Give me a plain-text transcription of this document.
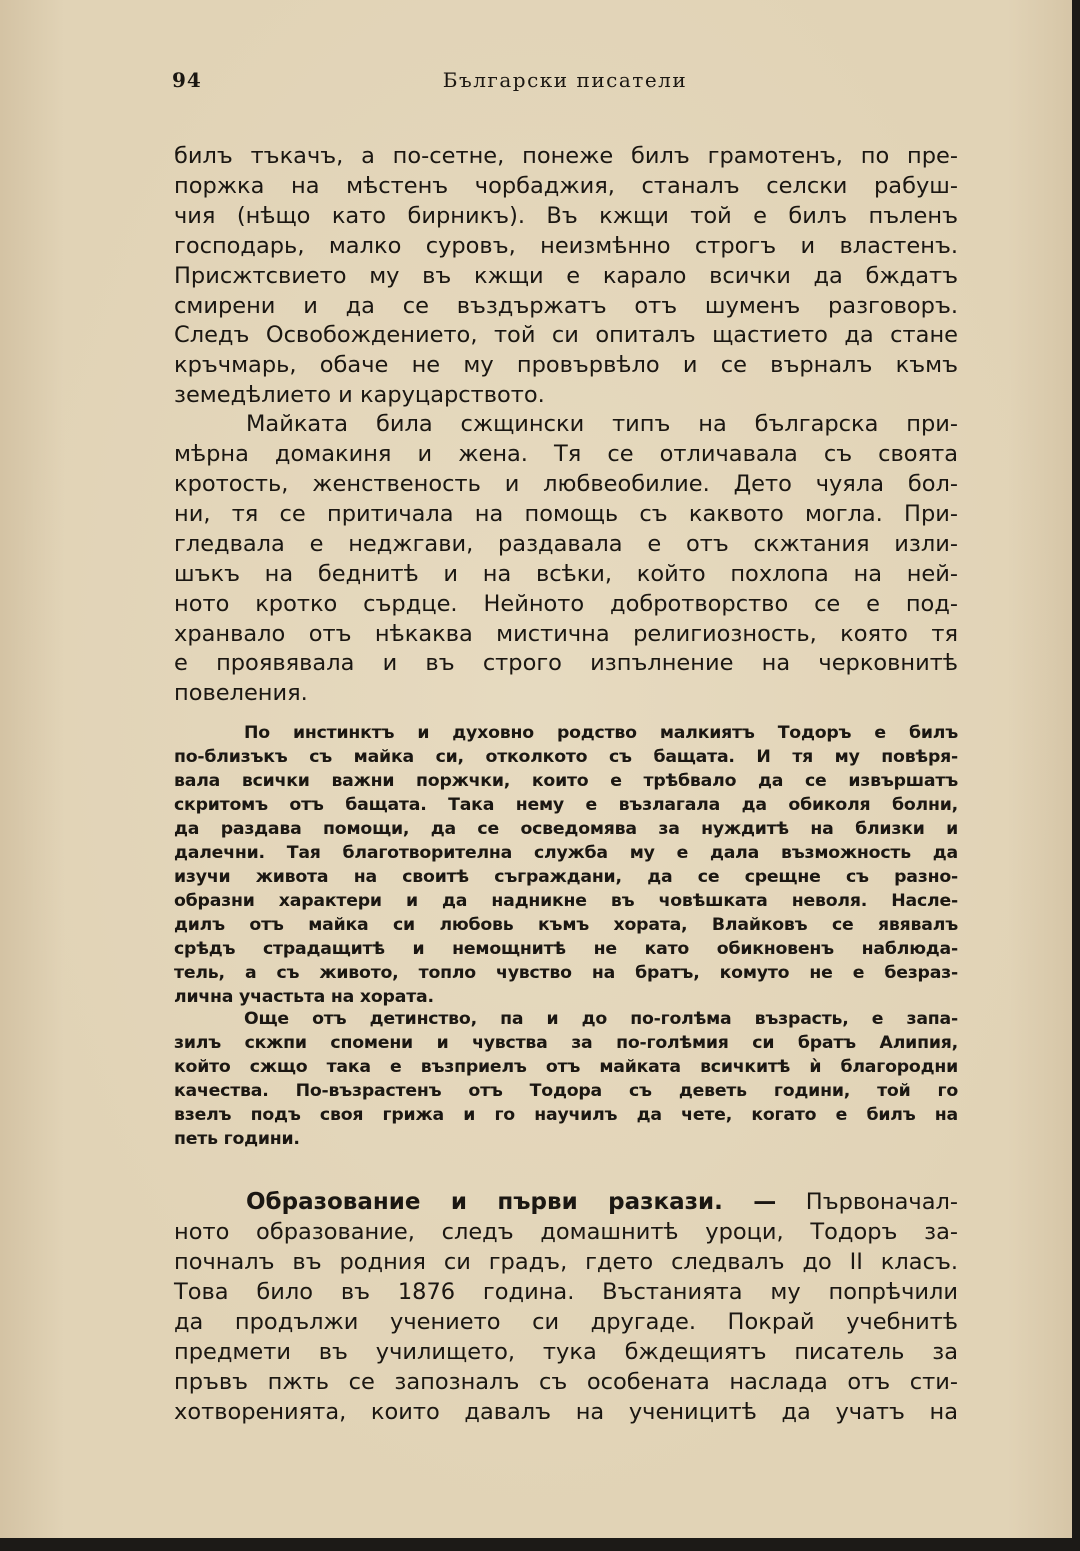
94	Български писатели
билъ тъкачъ, а по-сетне, понеже билъ грамотенъ, по пре-
поржка на мѣстенъ чорбаджия, станалъ селски рабуш-
чия (нѣщо като бирникъ). Въ кжщи той е билъ пъленъ
господарь, малко суровъ, неизмѣнно строгъ и властенъ.
Присжтсвието му въ кжщи е карало всички да бждатъ
смирени и да се въздържатъ отъ шуменъ разговоръ.
Следъ Освобождението, той си опиталъ щастието да стане
кръчмарь, обаче не му провървѣло и се върналъ къмъ
земедѣлието и каруцарството.
Майката била сжщински типъ на българска при-
мѣрна домакиня и жена. Тя се отличавала съ своята
кротость, женственость и любвеобилие. Дето чуяла бол-
ни, тя се притичала на помощь съ каквото могла. При-
гледвала е неджгави, раздавала е отъ скжтания изли-
шъкъ на беднитѣ и на всѣки, който похлопа на ней-
ното кротко сърдце. Нейното добротворство се е под-
хранвало отъ нѣкаква мистична религиозность, която тя
е проявявала и въ строго изпълнение на черковнитѣ
повеления.
По инстинктъ и духовно родство малкиятъ Тодоръ е билъ
по-близъкъ съ майка си, отколкото съ бащата. И тя му повѣря-
вала всички важни поржчки, които е трѣбвало да се извършатъ
скритомъ отъ бащата. Така нему е възлагала да обиколя болни,
да раздава помощи, да се осведомява за нуждитѣ на близки и
далечни. Тая благотворителна служба му е дала възможность да
изучи живота на своитѣ съграждани, да се срещне съ разно-
образни характери и да надникне въ човѣшката неволя. Насле-
дилъ отъ майка си любовь къмъ хората, Влайковъ се явявалъ
срѣдъ страдащитѣ и немощнитѣ не като обикновенъ наблюда-
тель, а съ живото, топло чувство на братъ, комуто не е безраз-
лична участьта на хората.
Още отъ детинство, па и до по-голѣма възрасть, е запа-
зилъ скжпи спомени и чувства за по-голѣмия си братъ Алипия,
който сжщо така е възприелъ отъ майката всичкитѣ ѝ благородни
качества. По-възрастенъ отъ Тодора съ деветь години, той го
взелъ подъ своя грижа и го научилъ да чете, когато е билъ на
петь години.
Образование и първи разкази. — Първоначал-
ното образование, следъ домашнитѣ уроци, Тодоръ за-
почналъ въ родния си градъ, гдето следвалъ до II класъ.
Това било въ 1876 година. Въстанията му попрѣчили
да продължи учението си другаде. Покрай учебнитѣ
предмети въ училището, тука бждещиятъ писатель за
пръвъ пжть се запозналъ съ особената наслада отъ сти-
хотворенията, които давалъ на ученицитѣ да учатъ на
